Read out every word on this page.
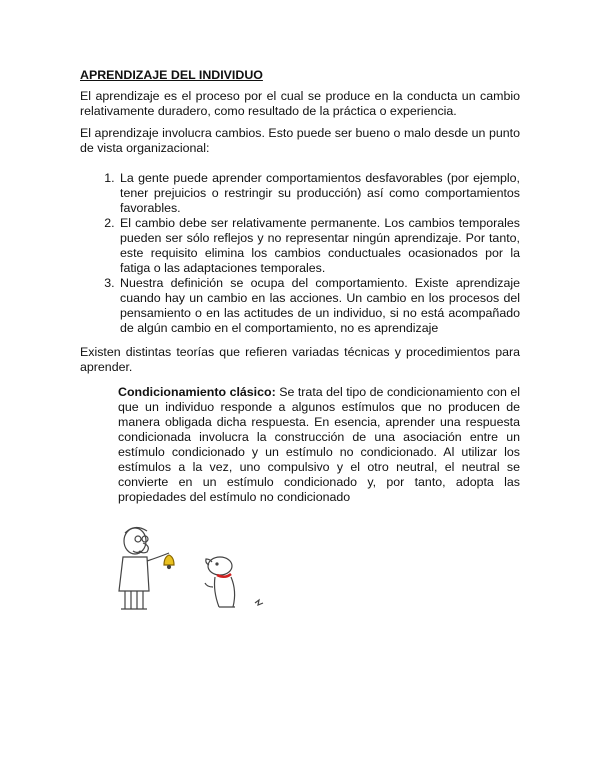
APRENDIZAJE DEL INDIVIDUO

El aprendizaje es el proceso por el cual se produce en la conducta un cambio relativamente duradero, como resultado de la práctica o experiencia.

El aprendizaje involucra cambios. Esto puede ser bueno o malo desde un punto de vista organizacional:

1. La gente puede aprender comportamientos desfavorables (por ejemplo, tener prejuicios o restringir su producción) así como comportamientos favorables.
2. El cambio debe ser relativamente permanente. Los cambios temporales pueden ser sólo reflejos y no representar ningún aprendizaje. Por tanto, este requisito elimina los cambios conductuales ocasionados por la fatiga o las adaptaciones temporales.
3. Nuestra definición se ocupa del comportamiento. Existe aprendizaje cuando hay un cambio en las acciones. Un cambio en los procesos del pensamiento o en las actitudes de un individuo, si no está acompañado de algún cambio en el comportamiento, no es aprendizaje

Existen distintas teorías que refieren variadas técnicas y procedimientos para aprender.

Condicionamiento clásico: Se trata del tipo de condicionamiento con el que un individuo responde a algunos estímulos que no producen de manera obligada dicha respuesta. En esencia, aprender una respuesta condicionada involucra la construcción de una asociación entre un estímulo condicionado y un estímulo no condicionado. Al utilizar los estímulos a la vez, uno compulsivo y el otro neutral, el neutral se convierte en un estímulo condicionado y, por tanto, adopta las propiedades del estímulo no condicionado
